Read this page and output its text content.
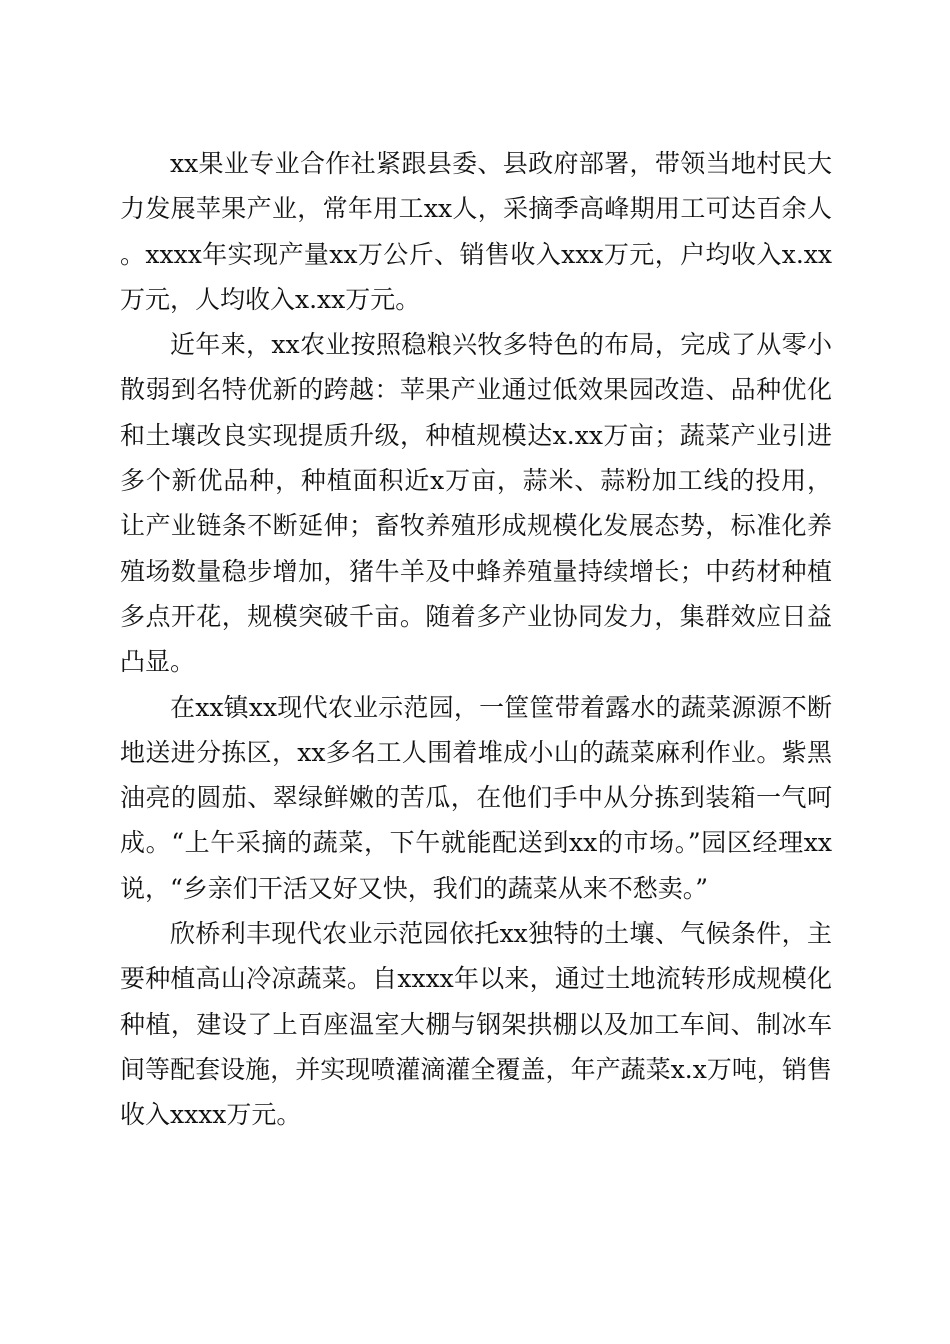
xx果业专业合作社紧跟县委、县政府部署，带领当地村民大力发展苹果产业，常年用工xx人，采摘季高峰期用工可达百余人。xxxx年实现产量xx万公斤、销售收入xxx万元，户均收入x.xx万元，人均收入x.xx万元。

近年来，xx农业按照稳粮兴牧多特色的布局，完成了从零小散弱到名特优新的跨越：苹果产业通过低效果园改造、品种优化和土壤改良实现提质升级，种植规模达x.xx万亩；蔬菜产业引进多个新优品种，种植面积近x万亩，蒜米、蒜粉加工线的投用，让产业链条不断延伸；畜牧养殖形成规模化发展态势，标准化养殖场数量稳步增加，猪牛羊及中蜂养殖量持续增长；中药材种植多点开花，规模突破千亩。随着多产业协同发力，集群效应日益凸显。

在xx镇xx现代农业示范园，一筐筐带着露水的蔬菜源源不断地送进分拣区，xx多名工人围着堆成小山的蔬菜麻利作业。紫黑油亮的圆茄、翠绿鲜嫩的苦瓜，在他们手中从分拣到装箱一气呵成。“上午采摘的蔬菜，下午就能配送到xx的市场。”园区经理xx说，“乡亲们干活又好又快，我们的蔬菜从来不愁卖。”

欣桥利丰现代农业示范园依托xx独特的土壤、气候条件，主要种植高山冷凉蔬菜。自xxxx年以来，通过土地流转形成规模化种植，建设了上百座温室大棚与钢架拱棚以及加工车间、制冰车间等配套设施，并实现喷灌滴灌全覆盖，年产蔬菜x.x万吨，销售收入xxxx万元。
